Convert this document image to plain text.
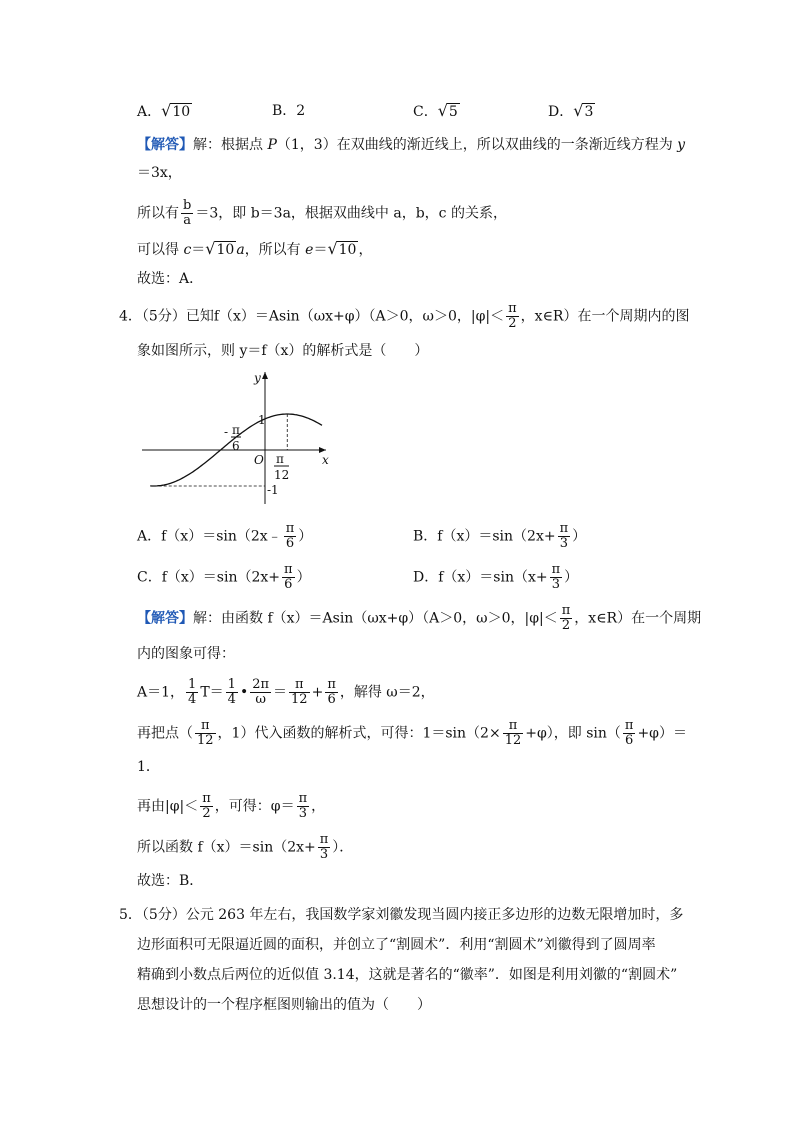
A．√10	B．2	C．√5	D．√3
【解答】解：根据点 P（1，3）在双曲线的渐近线上，所以双曲线的一条渐近线方程为 y
＝3x，
所以有 $\frac{b}{a} =3$，即 b＝3a，根据双曲线中 a，b，c 的关系，
可以得 c＝√10 a，所以有 e＝√10 ，
故选：A．
4．（5分）已知f（x）＝Asin（ωx+φ）（A＞0，ω＞0，$|\varphi|< \frac{\pi}{2}$ ，x∈R）在一个周期内的图
象如图所示，则 y＝f（x）的解析式是（　　）
y
x
O
1
-1
- π
6
π
12
A．f（x）＝sin（2x﹣ $\frac{\pi}{6}$ ）	B．$f(x)=\sin(2x+ \frac{\pi}{3}$ ）
C．$f(x)=\sin(2x+ \frac{\pi}{6}$ ）	D．$f(x)=\sin(x+ \frac{\pi}{3}$ ）
【解答】解：由函数 f（x）＝Asin（ωx+φ）（A＞0，ω＞0，$|\varphi|< \frac{\pi}{2}$ ，x∈R）在一个周期
内的图象可得：
A＝1， $\frac{1}{4} T= \frac{1}{4}$ • $\frac{2\pi}{\omega} = \frac{\pi}{12} + \frac{\pi}{6}$ ，解得 ω＝2，
再把点（ $\frac{\pi}{12}$ ，1）代入函数的解析式，可得：$1=\sin(2\times \frac{\pi}{12} +\varphi)$，即 $\sin( \frac{\pi}{6} +\varphi)=$
1．
再由$|\varphi|< \frac{\pi}{2}$ ，可得：$\varphi= \frac{\pi}{3}$ ，
所以函数 $f(x)=\sin(2x+ \frac{\pi}{3}$ ）．
故选：B．
5．（5分）公元 263 年左右，我国数学家刘徽发现当圆内接正多边形的边数无限增加时，多
边形面积可无限逼近圆的面积，并创立了“割圆术”．利用“割圆术”刘徽得到了圆周率
精确到小数点后两位的近似值 3.14，这就是著名的“徽率”．如图是利用刘徽的“割圆术”
思想设计的一个程序框图则输出的值为（　　）
